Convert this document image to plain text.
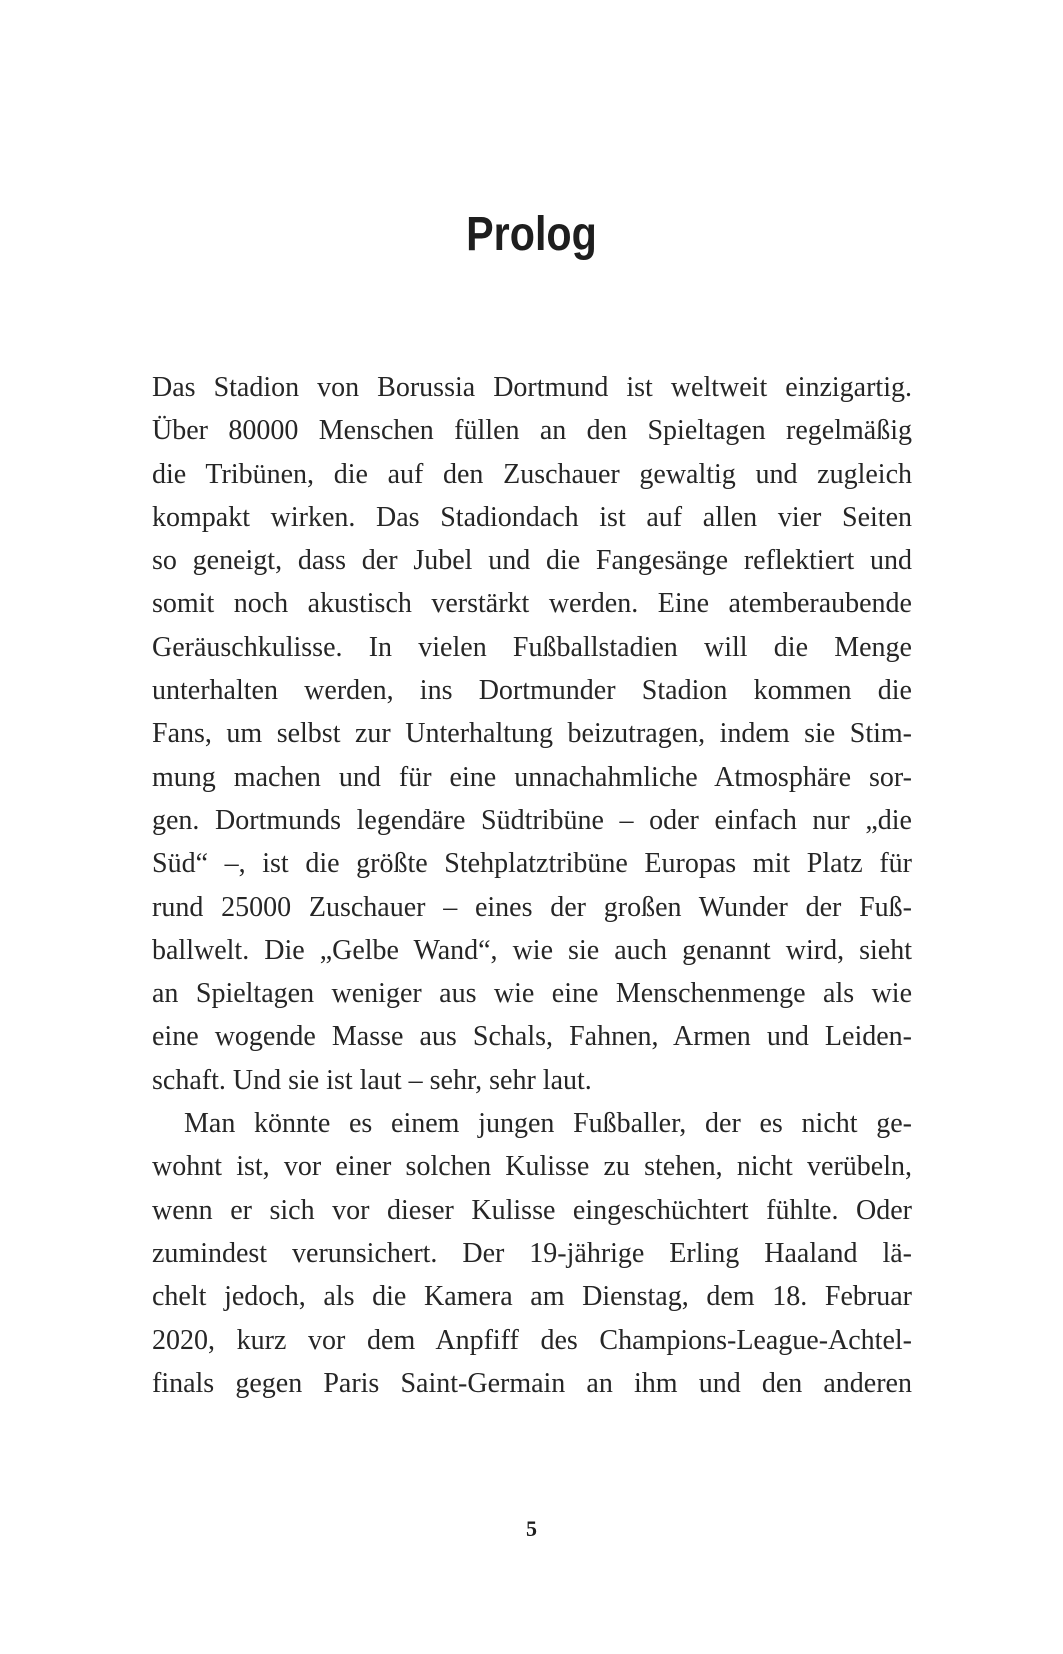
Prolog
Das Stadion von Borussia Dortmund ist weltweit einzigartig.
Über 80000 Menschen füllen an den Spieltagen regelmäßig
die Tribünen, die auf den Zuschauer gewaltig und zugleich
kompakt wirken. Das Stadiondach ist auf allen vier Seiten
so geneigt, dass der Jubel und die Fangesänge reflektiert und
somit noch akustisch verstärkt werden. Eine atemberaubende
Geräuschkulisse. In vielen Fußballstadien will die Menge
unterhalten werden, ins Dortmunder Stadion kommen die
Fans, um selbst zur Unterhaltung beizutragen, indem sie Stim-
mung machen und für eine unnachahmliche Atmosphäre sor-
gen. Dortmunds legendäre Südtribüne – oder einfach nur „die
Süd“ –, ist die größte Stehplatztribüne Europas mit Platz für
rund 25000 Zuschauer – eines der großen Wunder der Fuß-
ballwelt. Die „Gelbe Wand“, wie sie auch genannt wird, sieht
an Spieltagen weniger aus wie eine Menschenmenge als wie
eine wogende Masse aus Schals, Fahnen, Armen und Leiden-
schaft. Und sie ist laut – sehr, sehr laut.
Man könnte es einem jungen Fußballer, der es nicht ge-
wohnt ist, vor einer solchen Kulisse zu stehen, nicht verübeln,
wenn er sich vor dieser Kulisse eingeschüchtert fühlte. Oder
zumindest verunsichert. Der 19-jährige Erling Haaland lä-
chelt jedoch, als die Kamera am Dienstag, dem 18. Februar
2020, kurz vor dem Anpfiff des Champions-League-Achtel-
finals gegen Paris Saint-Germain an ihm und den anderen
5
